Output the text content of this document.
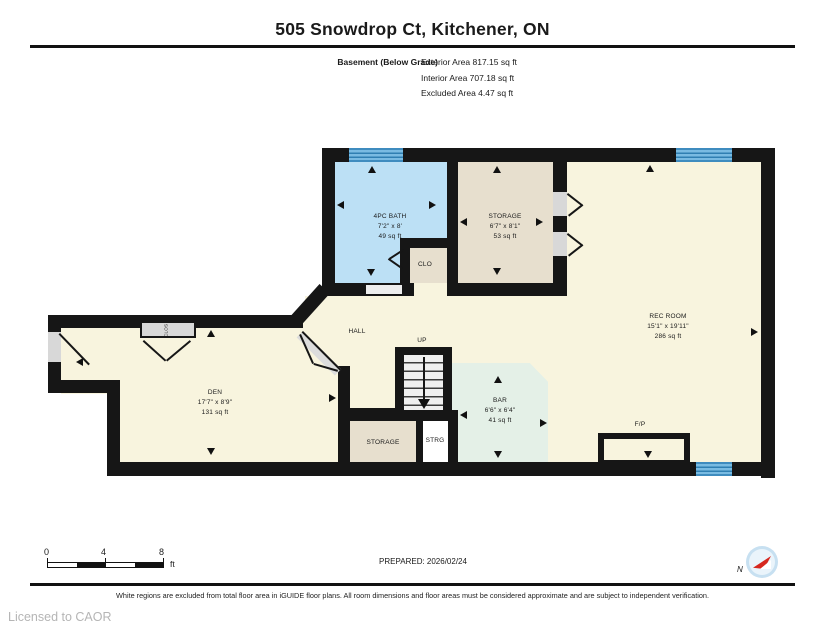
505 Snowdrop Ct, Kitchener, ON
Basement (Below Grade)
Exterior Area 817.15 sq ft
Interior Area 707.18 sq ft
Excluded Area 4.47 sq ft
4PC BATH
7'2" x 8'
49 sq ft
STORAGE
6'7" x 8'1"
53 sq ft
REC ROOM
15'1" x 19'11"
286 sq ft
DEN
17'7" x 8'9"
131 sq ft
BAR
6'6" x 6'4"
41 sq ft
HALL
UP
CLO
STORAGE	STRG
F/P
CLOS
0	4	8
ft	PREPARED: 2026/02/24
N
White regions are excluded from total floor area in iGUIDE floor plans. All room dimensions and floor areas must be considered approximate and are subject to independent verification.
Licensed to CAOR
